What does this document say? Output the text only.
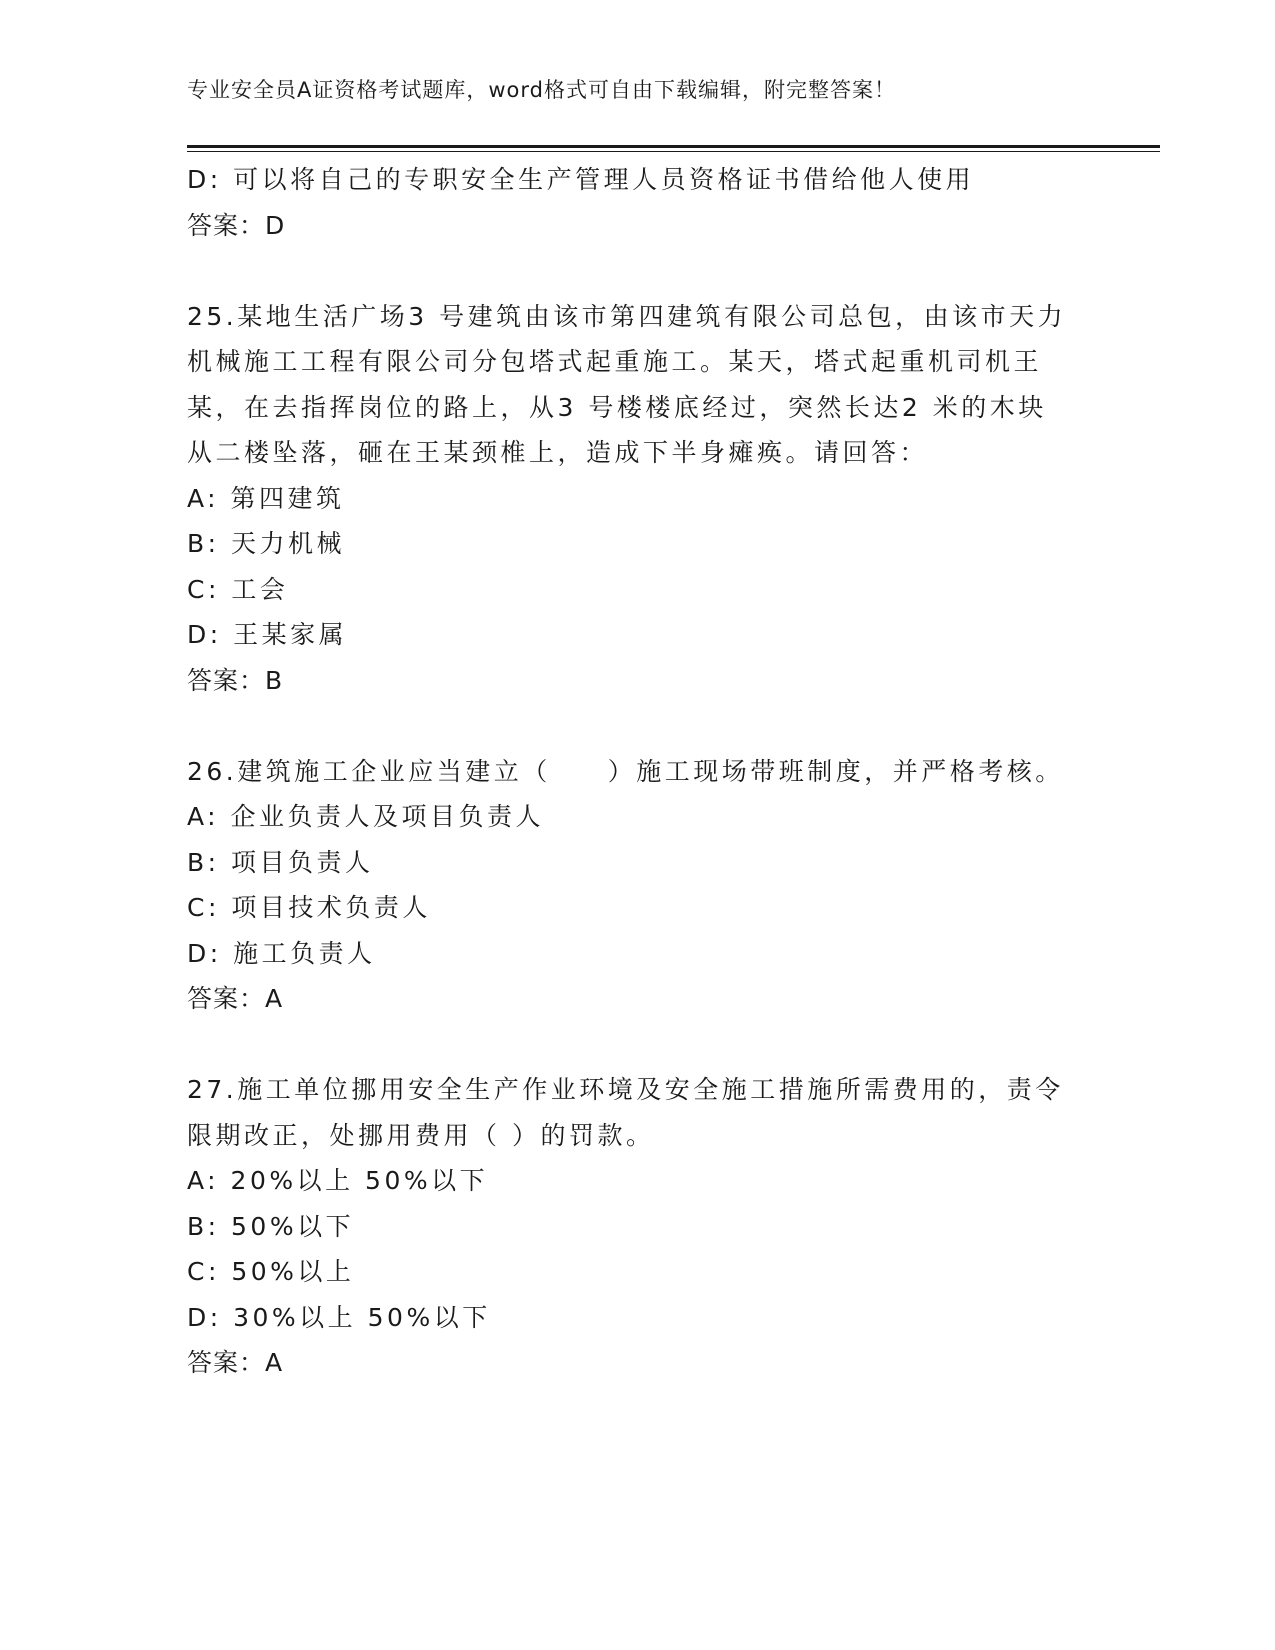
专业安全员A证资格考试题库，word格式可自由下载编辑，附完整答案！
D: 可以将自己的专职安全生产管理人员资格证书借给他人使用
答案：D
25.某地生活广场3 号建筑由该市第四建筑有限公司总包，由该市天力
机械施工工程有限公司分包塔式起重施工。某天，塔式起重机司机王
某，在去指挥岗位的路上，从3 号楼楼底经过，突然长达2 米的木块
从二楼坠落，砸在王某颈椎上，造成下半身瘫痪。请回答：
A: 第四建筑
B: 天力机械
C: 工会
D: 王某家属
答案：B
26.建筑施工企业应当建立（　　）施工现场带班制度，并严格考核。
A: 企业负责人及项目负责人
B: 项目负责人
C: 项目技术负责人
D: 施工负责人
答案：A
27.施工单位挪用安全生产作业环境及安全施工措施所需费用的，责令
限期改正，处挪用费用（ ）的罚款。
A: 20%以上 50%以下
B: 50%以下
C: 50%以上
D: 30%以上 50%以下
答案：A
